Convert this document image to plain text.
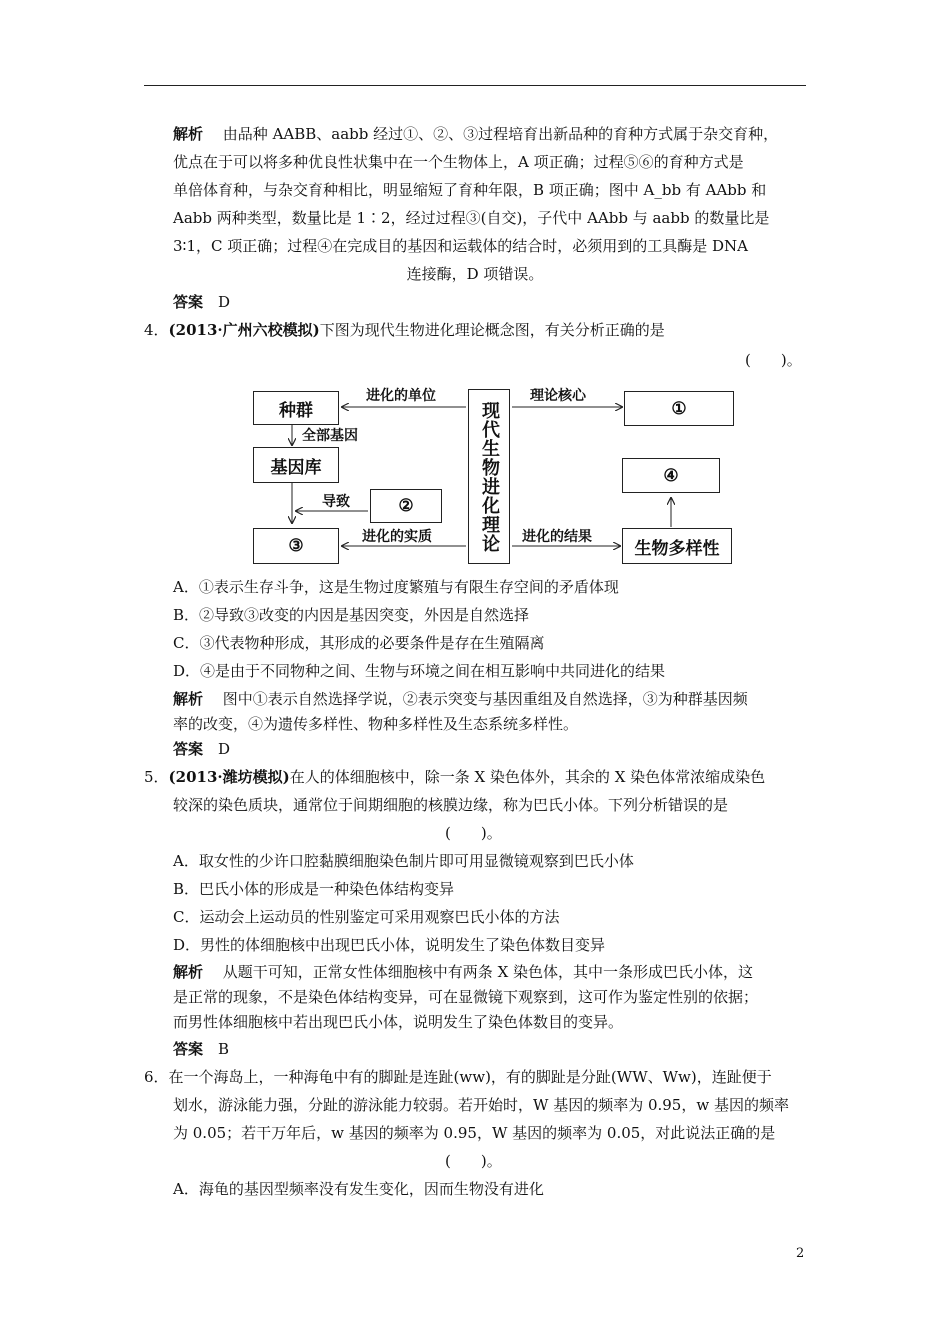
解析　 由品种 AABB、aabb 经过①、②、③过程培育出新品种的育种方式属于杂交育种，
优点在于可以将多种优良性状集中在一个生物体上，A 项正确；过程⑤⑥的育种方式是
单倍体育种，与杂交育种相比，明显缩短了育种年限，B 项正确；图中 A_bb 有 AAbb 和
Aabb 两种类型，数量比是 1∶2，经过过程③(自交)，子代中 AAbb 与 aabb 的数量比是
3∶1，C 项正确；过程④在完成目的基因和运载体的结合时，必须用到的工具酶是 DNA
连接酶，D 项错误。
答案　 D
4．(2013·广州六校模拟)下图为现代生物进化理论概念图，有关分析正确的是
(　　)。
种群
基因库
②
③	现代生物进化理论	①
④
生物多样性
进化的单位	理论核心
全部基因
导致
进化的实质	进化的结果
A．①表示生存斗争，这是生物过度繁殖与有限生存空间的矛盾体现
B．②导致③改变的内因是基因突变，外因是自然选择
C．③代表物种形成，其形成的必要条件是存在生殖隔离
D．④是由于不同物种之间、生物与环境之间在相互影响中共同进化的结果
解析　 图中①表示自然选择学说，②表示突变与基因重组及自然选择，③为种群基因频
率的改变，④为遗传多样性、物种多样性及生态系统多样性。
答案　 D
5．(2013·潍坊模拟)在人的体细胞核中，除一条 X 染色体外，其余的 X 染色体常浓缩成染色
较深的染色质块，通常位于间期细胞的核膜边缘，称为巴氏小体。下列分析错误的是
(　　)。
A．取女性的少许口腔黏膜细胞染色制片即可用显微镜观察到巴氏小体
B．巴氏小体的形成是一种染色体结构变异
C．运动会上运动员的性别鉴定可采用观察巴氏小体的方法
D．男性的体细胞核中出现巴氏小体，说明发生了染色体数目变异
解析　 从题干可知，正常女性体细胞核中有两条 X 染色体，其中一条形成巴氏小体，这
是正常的现象，不是染色体结构变异，可在显微镜下观察到，这可作为鉴定性别的依据；
而男性体细胞核中若出现巴氏小体，说明发生了染色体数目的变异。
答案　 B
6．在一个海岛上，一种海龟中有的脚趾是连趾(ww)，有的脚趾是分趾(WW、Ww)，连趾便于
划水，游泳能力强，分趾的游泳能力较弱。若开始时，W 基因的频率为 0.95，w 基因的频率
为 0.05；若干万年后，w 基因的频率为 0.95，W 基因的频率为 0.05，对此说法正确的是
(　　)。
A．海龟的基因型频率没有发生变化，因而生物没有进化
2
